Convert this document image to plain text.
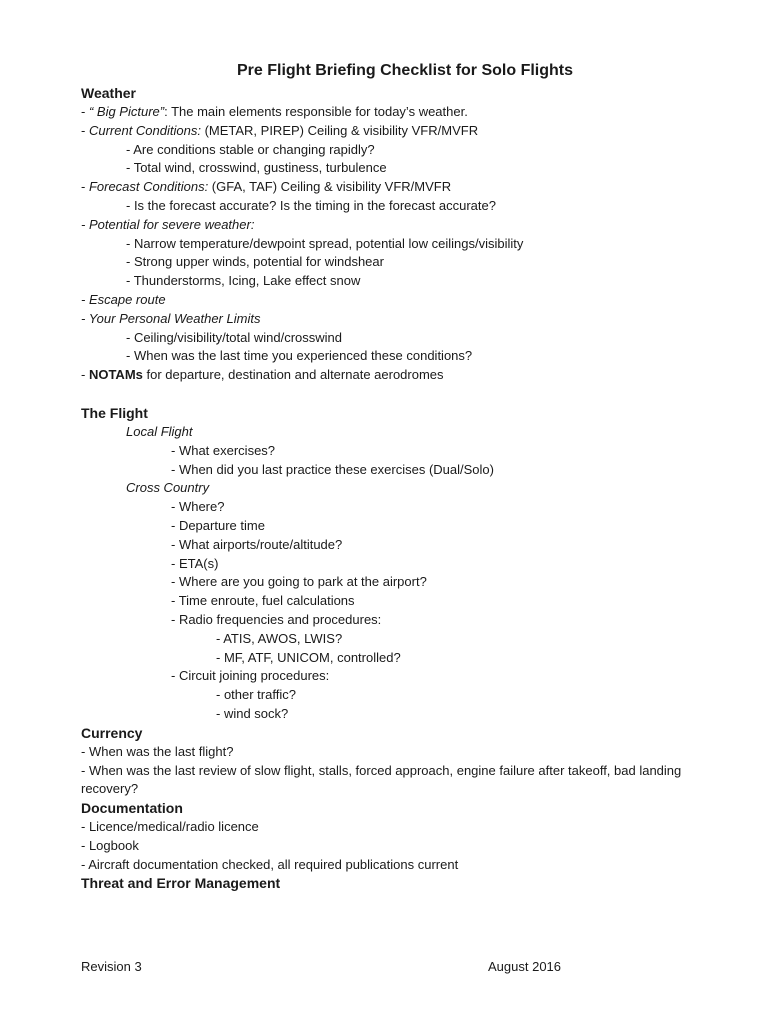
Pre Flight Briefing Checklist for Solo Flights
Weather
- “ Big Picture”: The main elements responsible for today’s weather.
- Current Conditions: (METAR, PIREP) Ceiling & visibility VFR/MVFR
- Are conditions stable or changing rapidly?
- Total wind, crosswind, gustiness, turbulence
- Forecast Conditions: (GFA, TAF) Ceiling & visibility VFR/MVFR
- Is the forecast accurate? Is the timing in the forecast accurate?
- Potential for severe weather:
- Narrow temperature/dewpoint spread, potential low ceilings/visibility
- Strong upper winds, potential for windshear
- Thunderstorms, Icing, Lake effect snow
- Escape route
- Your Personal Weather Limits
- Ceiling/visibility/total wind/crosswind
- When was the last time you experienced these conditions?
- NOTAMs for departure, destination and alternate aerodromes
The Flight
Local Flight
- What exercises?
- When did you last practice these exercises (Dual/Solo)
Cross Country
- Where?
- Departure time
- What airports/route/altitude?
- ETA(s)
- Where are you going to park at the airport?
- Time enroute, fuel calculations
- Radio frequencies and procedures:
- ATIS, AWOS, LWIS?
- MF, ATF, UNICOM, controlled?
- Circuit joining procedures:
- other traffic?
- wind sock?
Currency
- When was the last flight?
- When was the last review of slow flight, stalls, forced approach, engine failure after takeoff, bad landing recovery?
Documentation
- Licence/medical/radio licence
- Logbook
- Aircraft documentation checked, all required publications current
Threat and Error Management
Revision 3	August 2016
